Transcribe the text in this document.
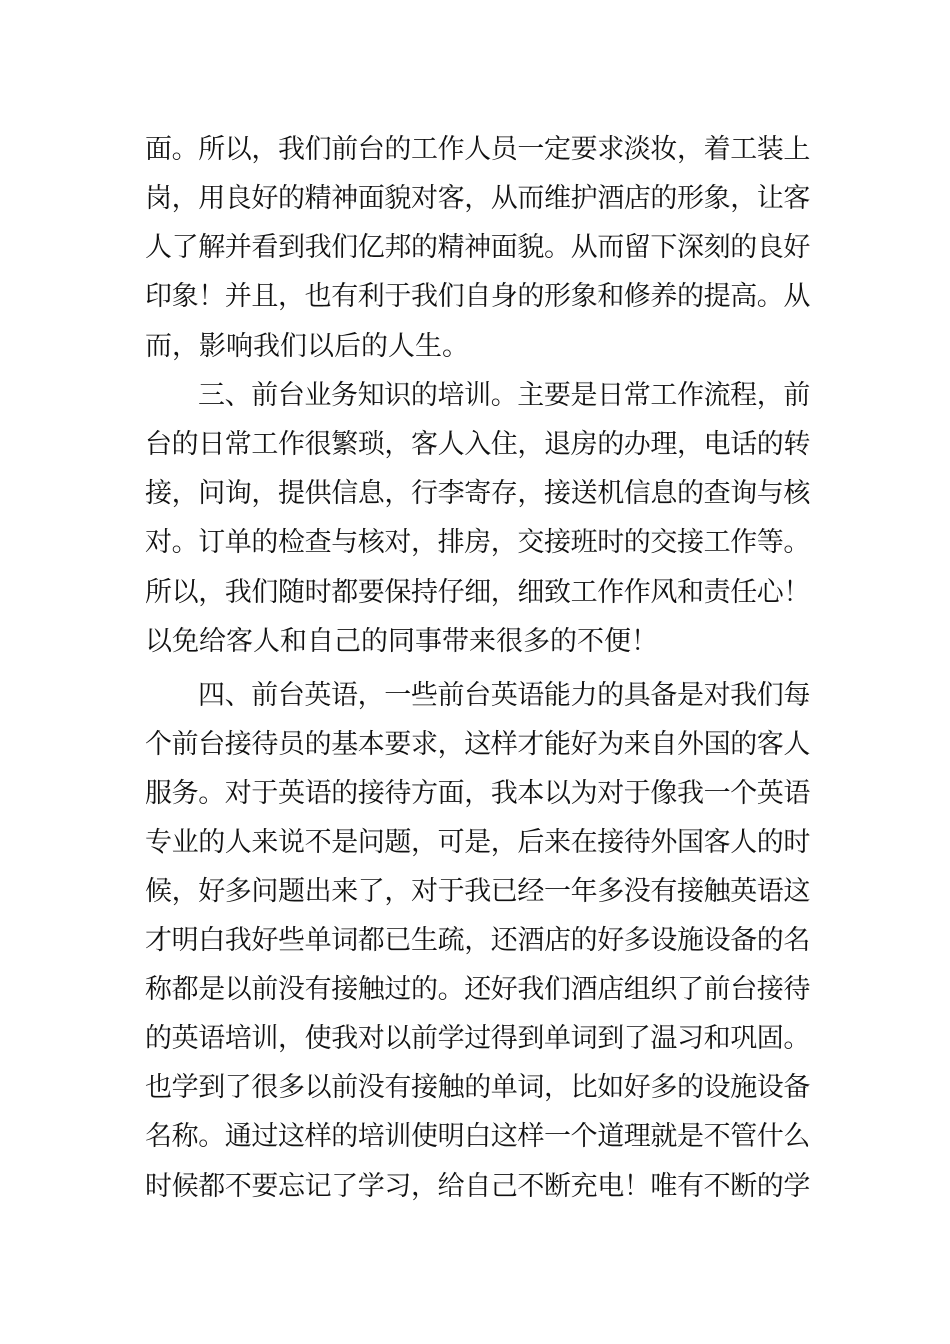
面。所以，我们前台的工作人员一定要求淡妆，着工装上
岗，用良好的精神面貌对客，从而维护酒店的形象，让客
人了解并看到我们亿邦的精神面貌。从而留下深刻的良好
印象！并且，也有利于我们自身的形象和修养的提高。从
而，影响我们以后的人生。
三、前台业务知识的培训。主要是日常工作流程，前
台的日常工作很繁琐，客人入住，退房的办理，电话的转
接，问询，提供信息，行李寄存，接送机信息的查询与核
对。订单的检查与核对，排房，交接班时的交接工作等。
所以，我们随时都要保持仔细，细致工作作风和责任心！
以免给客人和自己的同事带来很多的不便！
四、前台英语，一些前台英语能力的具备是对我们每
个前台接待员的基本要求，这样才能好为来自外国的客人
服务。对于英语的接待方面，我本以为对于像我一个英语
专业的人来说不是问题，可是，后来在接待外国客人的时
候，好多问题出来了，对于我已经一年多没有接触英语这
才明白我好些单词都已生疏，还酒店的好多设施设备的名
称都是以前没有接触过的。还好我们酒店组织了前台接待
的英语培训，使我对以前学过得到单词到了温习和巩固。
也学到了很多以前没有接触的单词，比如好多的设施设备
名称。通过这样的培训使明白这样一个道理就是不管什么
时候都不要忘记了学习，给自己不断充电！唯有不断的学
